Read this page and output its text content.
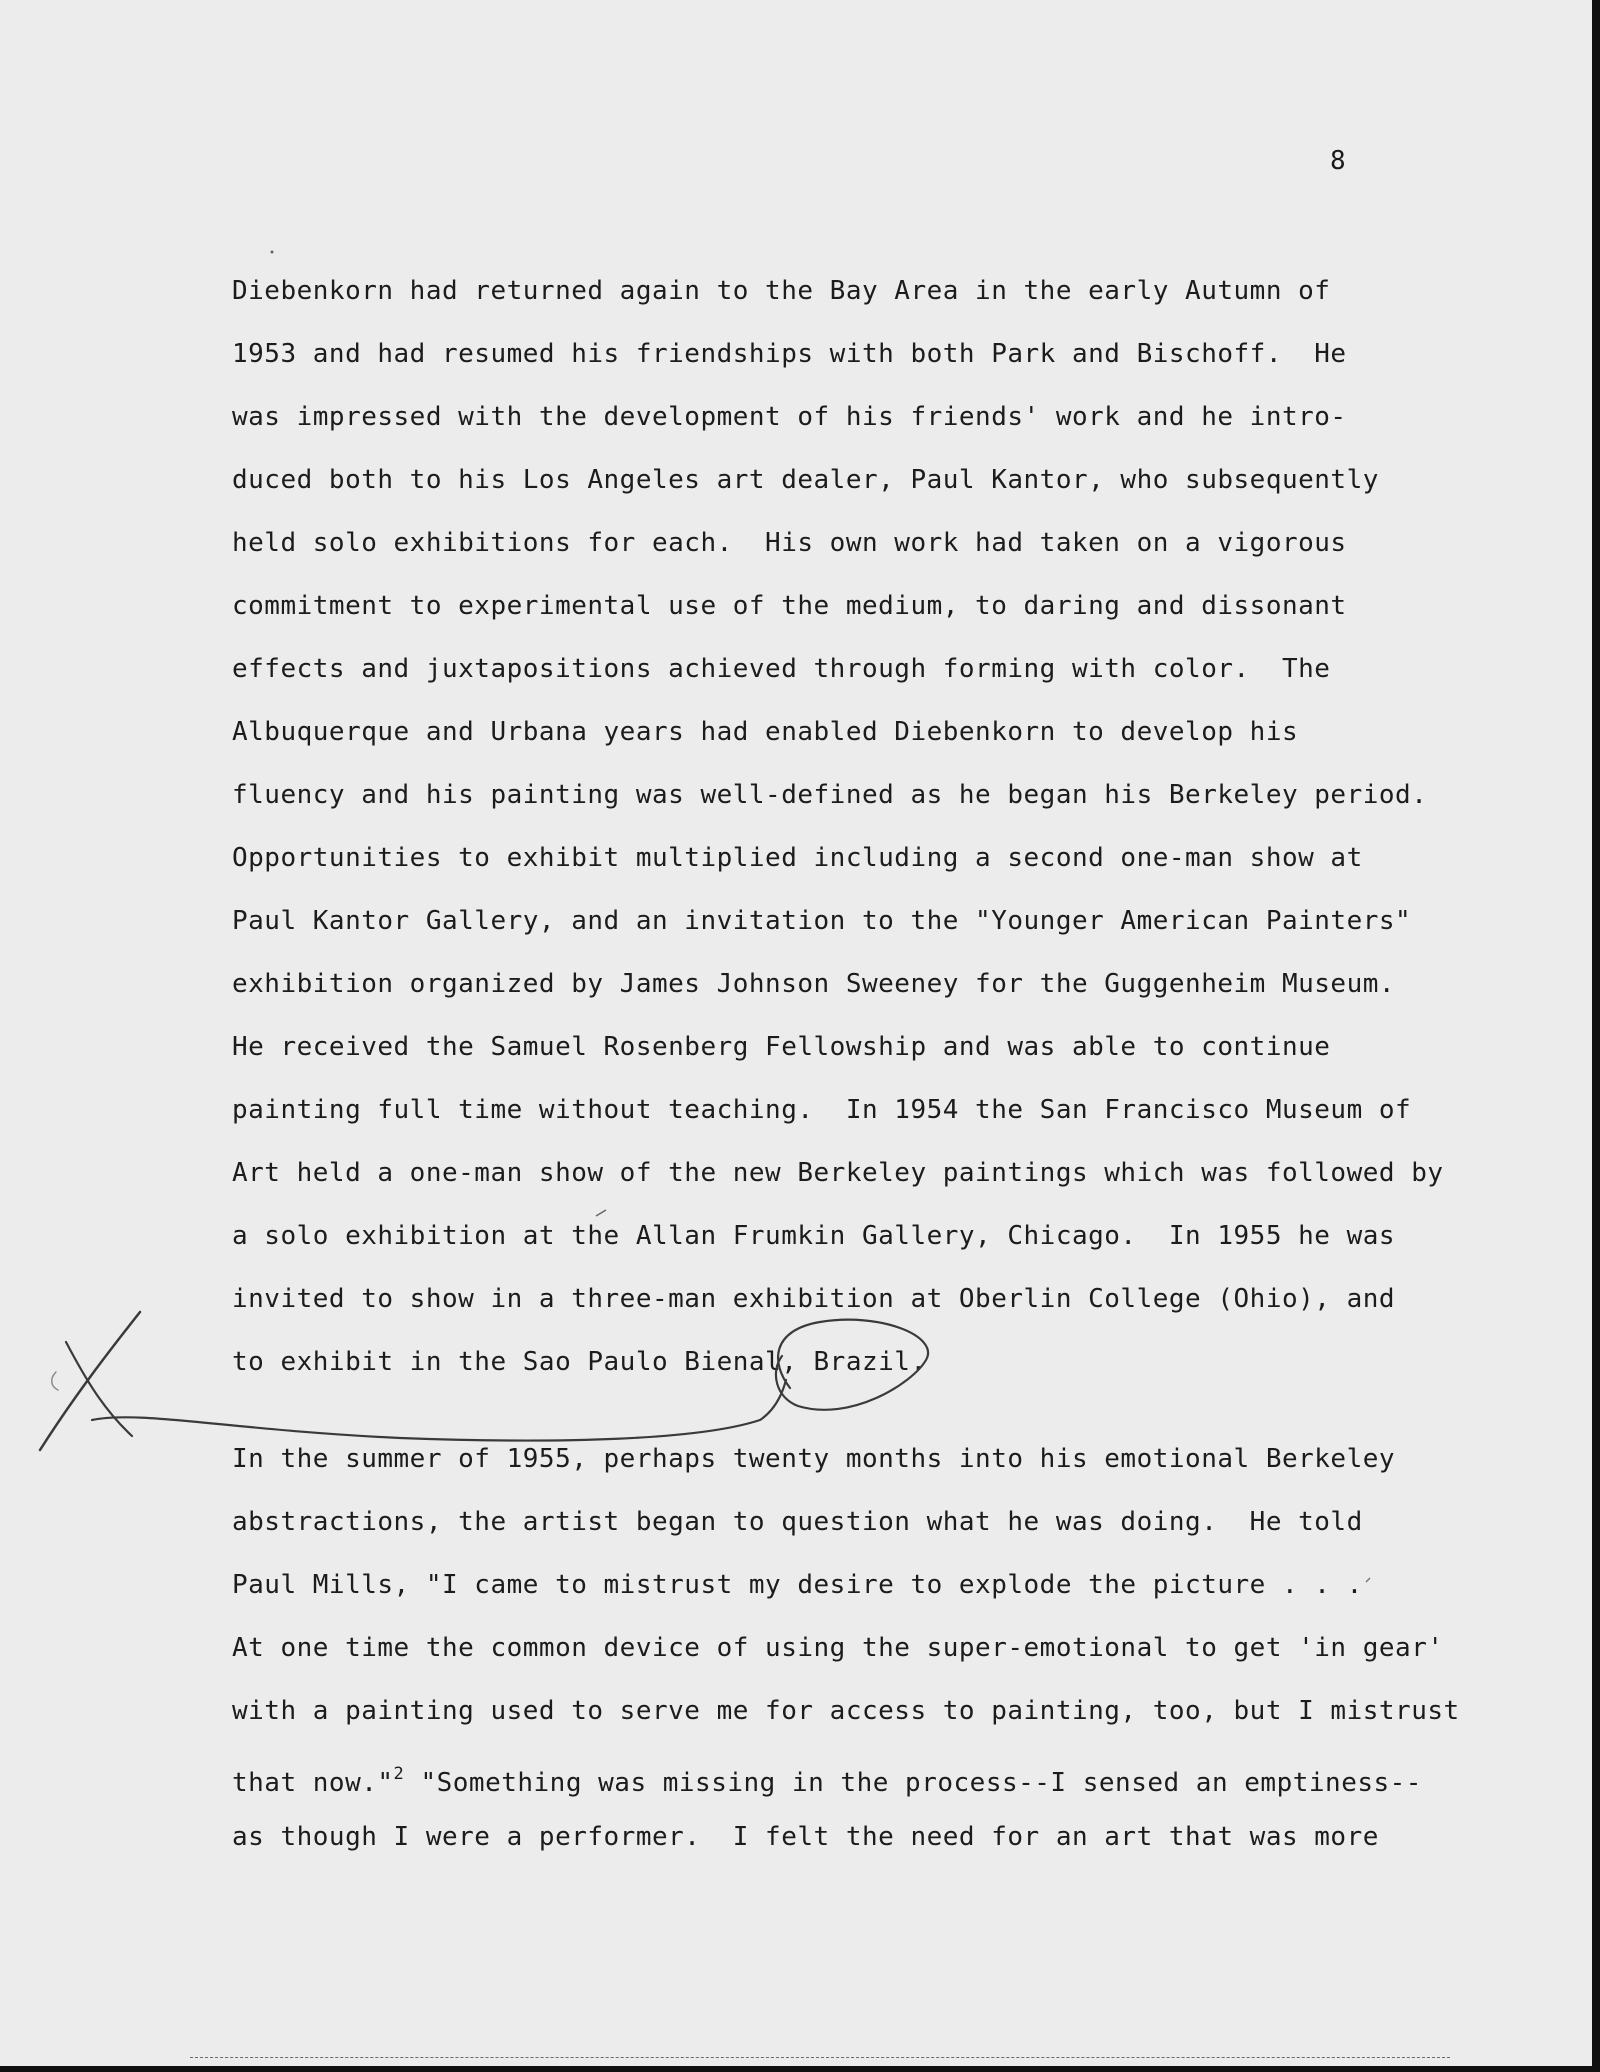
8
Diebenkorn had returned again to the Bay Area in the early Autumn of
1953 and had resumed his friendships with both Park and Bischoff.  He
was impressed with the development of his friends' work and he intro-
duced both to his Los Angeles art dealer, Paul Kantor, who subsequently
held solo exhibitions for each.  His own work had taken on a vigorous
commitment to experimental use of the medium, to daring and dissonant
effects and juxtapositions achieved through forming with color.  The
Albuquerque and Urbana years had enabled Diebenkorn to develop his
fluency and his painting was well-defined as he began his Berkeley period.
Opportunities to exhibit multiplied including a second one-man show at
Paul Kantor Gallery, and an invitation to the "Younger American Painters"
exhibition organized by James Johnson Sweeney for the Guggenheim Museum.
He received the Samuel Rosenberg Fellowship and was able to continue
painting full time without teaching.  In 1954 the San Francisco Museum of
Art held a one-man show of the new Berkeley paintings which was followed by
a solo exhibition at the Allan Frumkin Gallery, Chicago.  In 1955 he was
invited to show in a three-man exhibition at Oberlin College (Ohio), and
to exhibit in the Sao Paulo Bienal, Brazil.
In the summer of 1955, perhaps twenty months into his emotional Berkeley
abstractions, the artist began to question what he was doing.  He told
Paul Mills, "I came to mistrust my desire to explode the picture . . .
At one time the common device of using the super-emotional to get 'in gear'
with a painting used to serve me for access to painting, too, but I mistrust
that now."$^2$ "Something was missing in the process--I sensed an emptiness--
as though I were a performer.  I felt the need for an art that was more
